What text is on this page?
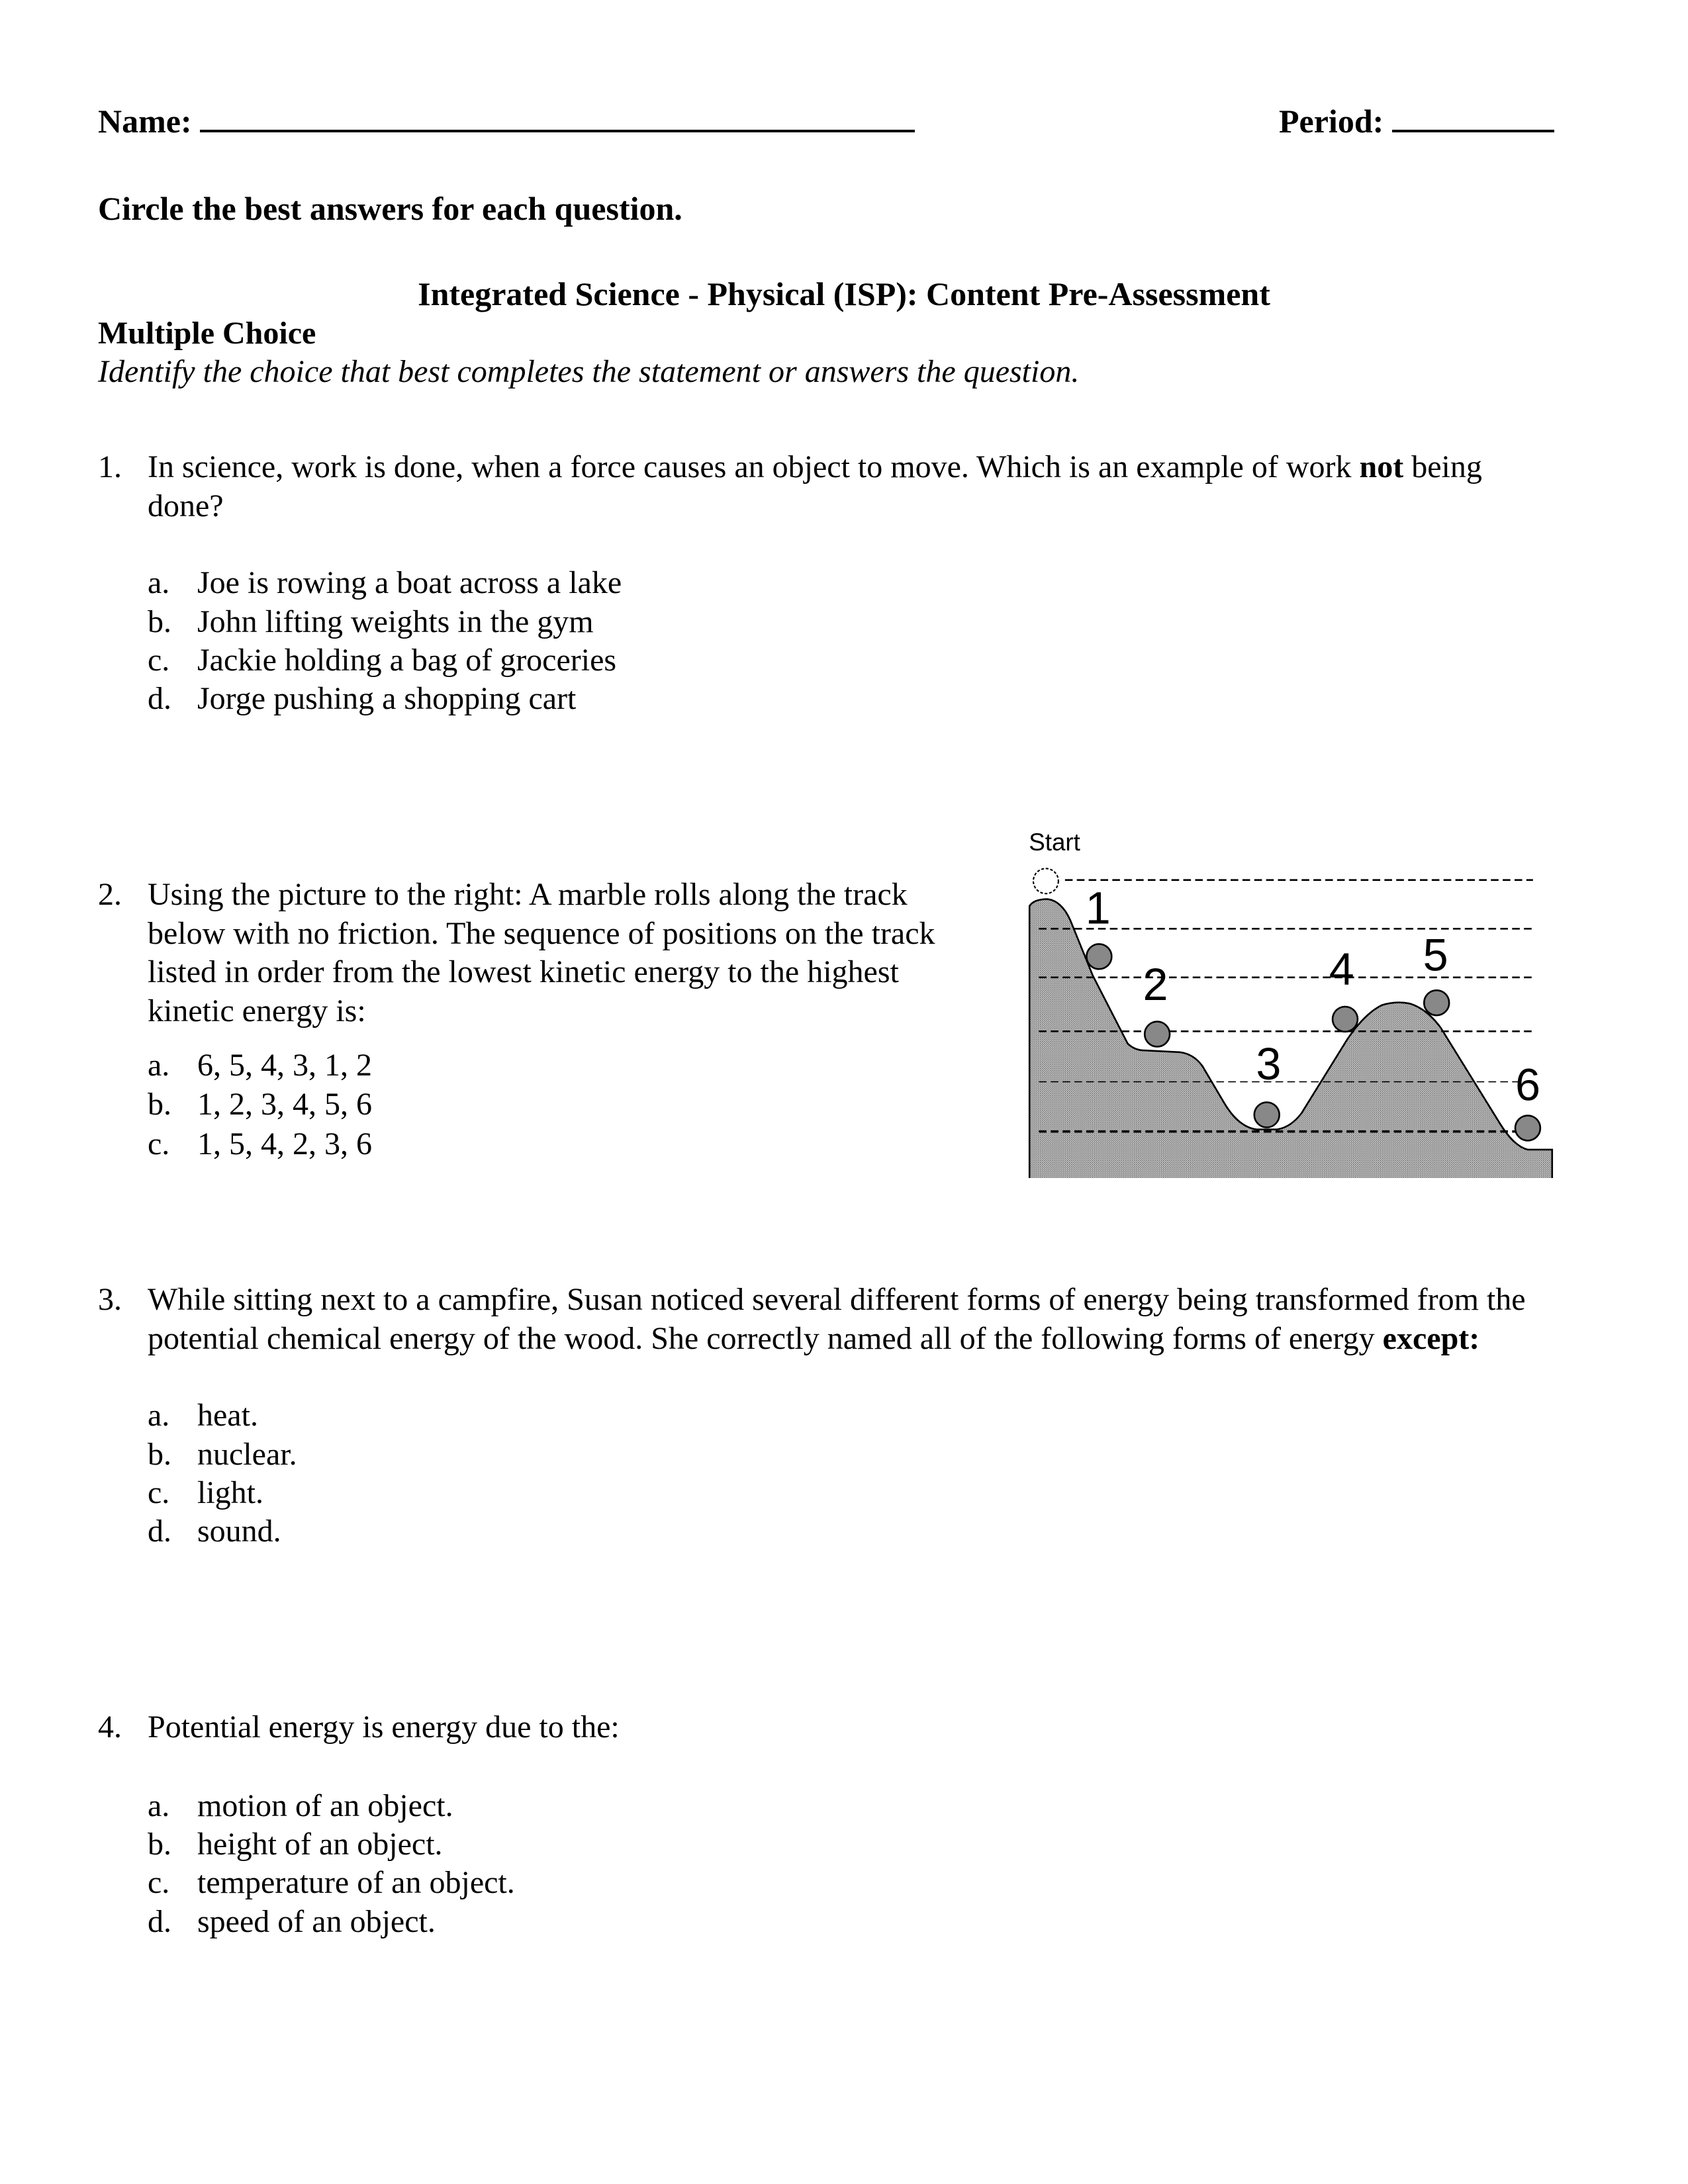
Name:	Period:
Circle the best answers for each question.
Integrated Science - Physical (ISP): Content Pre-Assessment
Multiple Choice
Identify the choice that best completes the statement or answers the question.
1. In science, work is done, when a force causes an object to move. Which is an example of work not being
done?
a. Joe is rowing a boat across a lake
b. John lifting weights in the gym
c. Jackie holding a bag of groceries
d. Jorge pushing a shopping cart
2. Using the picture to the right: A marble rolls along the track
below with no friction. The sequence of positions on the track
listed in order from the lowest kinetic energy to the highest
kinetic energy is:
a. 6, 5, 4, 3, 1, 2
b. 1, 2, 3, 4, 5, 6
c. 1, 5, 4, 2, 3, 6
Start
1
2
3
4 5
6
3. While sitting next to a campfire, Susan noticed several different forms of energy being transformed from the
potential chemical energy of the wood. She correctly named all of the following forms of energy except:
a. heat.
b. nuclear.
c. light.
d. sound.
4. Potential energy is energy due to the:
a. motion of an object.
b. height of an object.
c. temperature of an object.
d. speed of an object.
